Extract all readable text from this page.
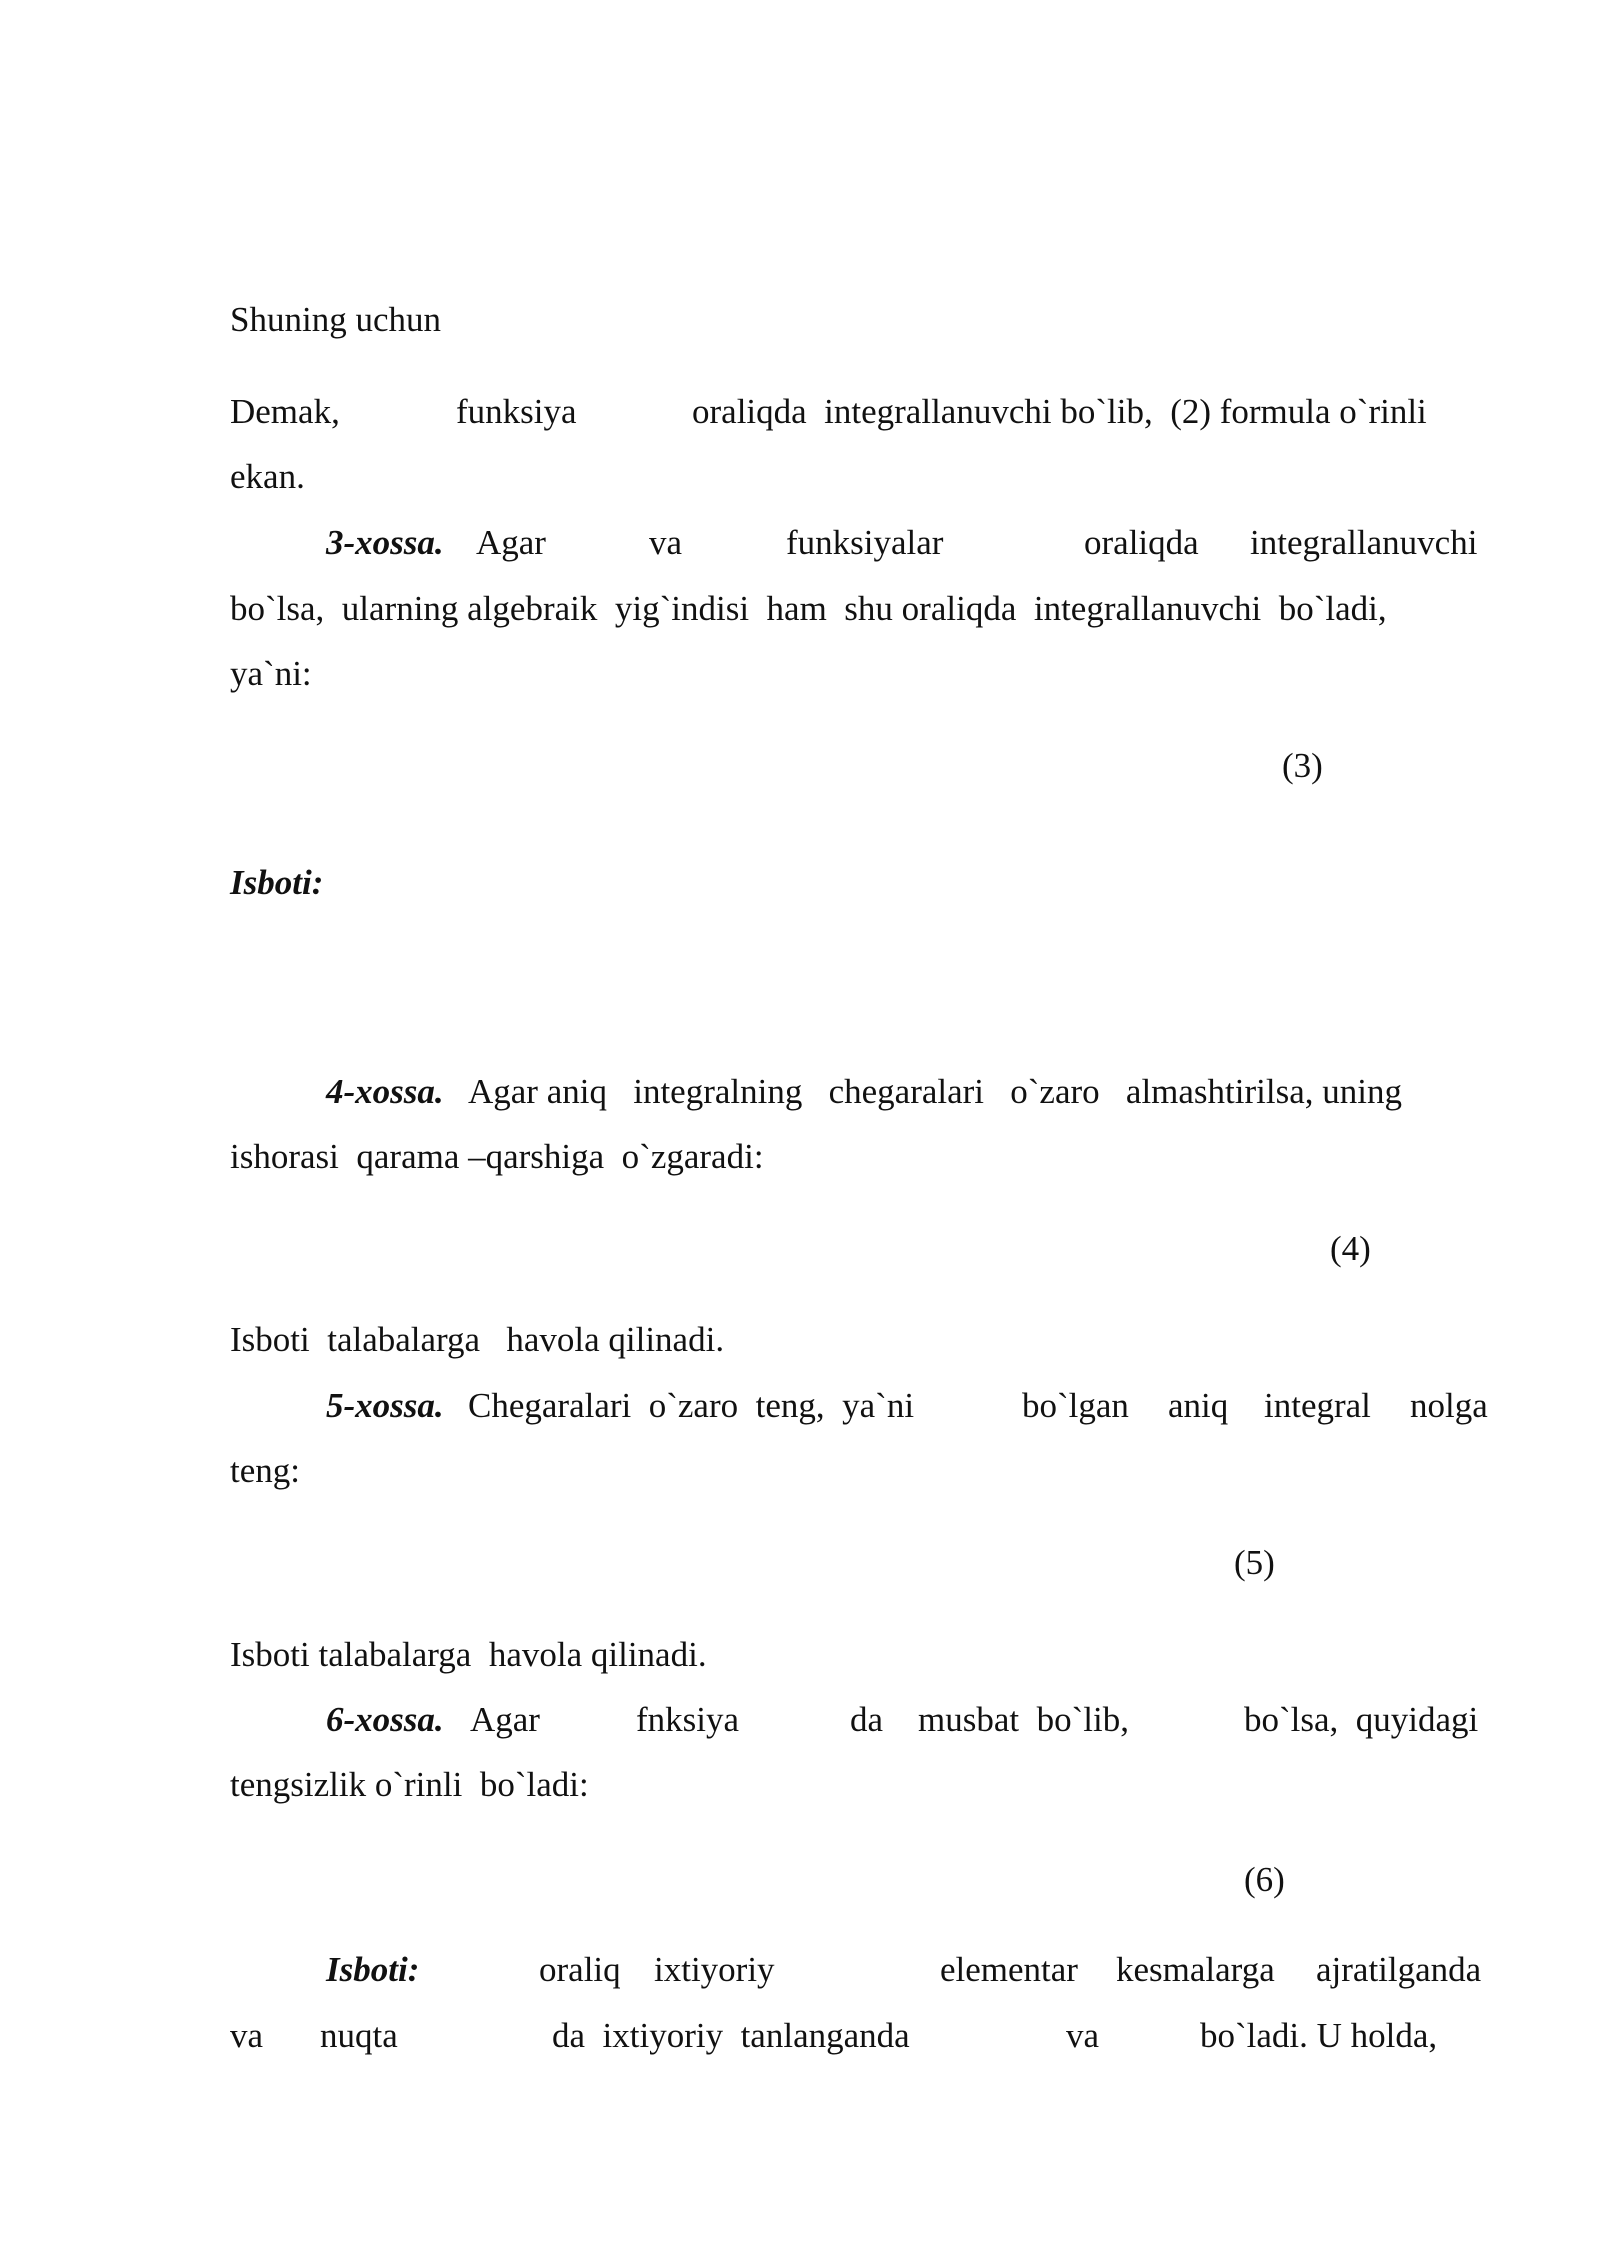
Shuning uchun
Demak,	funksiya	oraliqda  integrallanuvchi bo`lib,  (2) formula o`rinli
ekan.
3-xossa. Agar	va	funksiyalar	oraliqda integrallanuvchi
bo`lsa,  ularning algebraik  yig`indisi  ham  shu oraliqda  integrallanuvchi  bo`ladi,
ya`ni:
(3)
Isboti:
4-xossa. Agar aniq   integralning   chegaralari   o`zaro   almashtirilsa, uning
ishorasi  qarama –qarshiga  o`zgaradi:
(4)
Isboti  talabalarga   havola qilinadi.
5-xossa. Chegaralari  o`zaro  teng,  ya`ni	bo`lgan aniq integral nolga
teng:
(5)
Isboti talabalarga  havola qilinadi.
6-xossa. Agar	fnksiya	da musbat  bo`lib,	bo`lsa,  quyidagi
tengsizlik o`rinli  bo`ladi:
(6)
Isboti:	oraliq ixtiyoriy	elementar kesmalarga ajratilganda
va nuqta	da  ixtiyoriy  tanlanganda	va	bo`ladi. U holda,
